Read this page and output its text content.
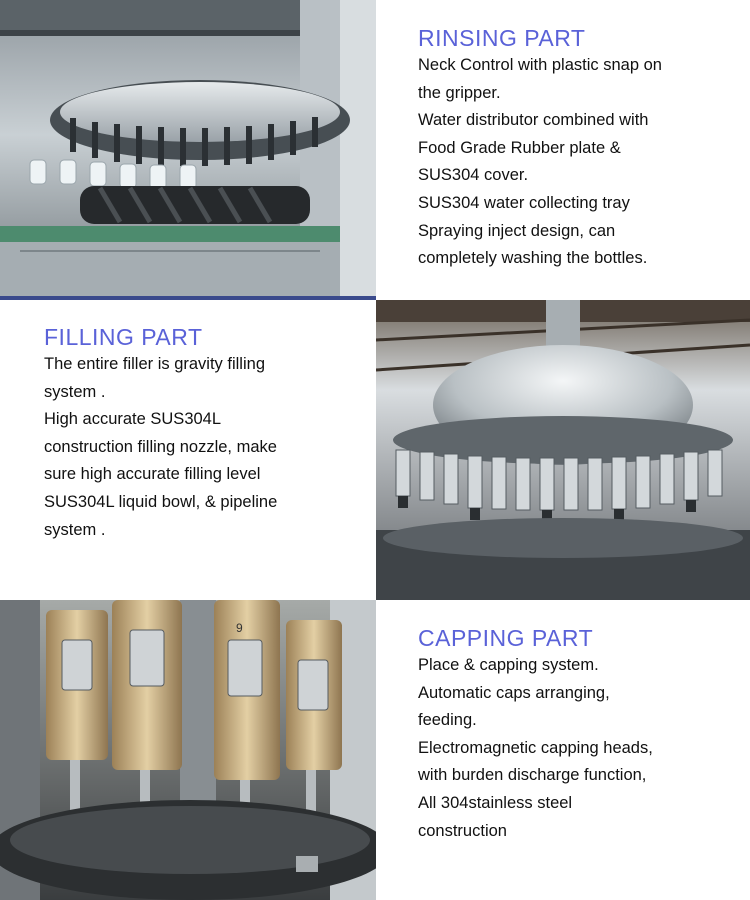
RINSING PART
Neck Control with plastic snap on
the gripper.
Water distributor combined with
Food Grade Rubber plate &
SUS304 cover.
SUS304 water collecting tray
Spraying inject design, can
completely washing the bottles.
FILLING PART
The entire filler is gravity filling
system .
High accurate SUS304L
construction filling nozzle, make
sure high accurate filling level
SUS304L liquid bowl, & pipeline
system .
9	CAPPING PART
Place & capping system.
Automatic caps arranging,
feeding.
Electromagnetic capping heads,
with burden discharge function,
All 304stainless steel
construction
